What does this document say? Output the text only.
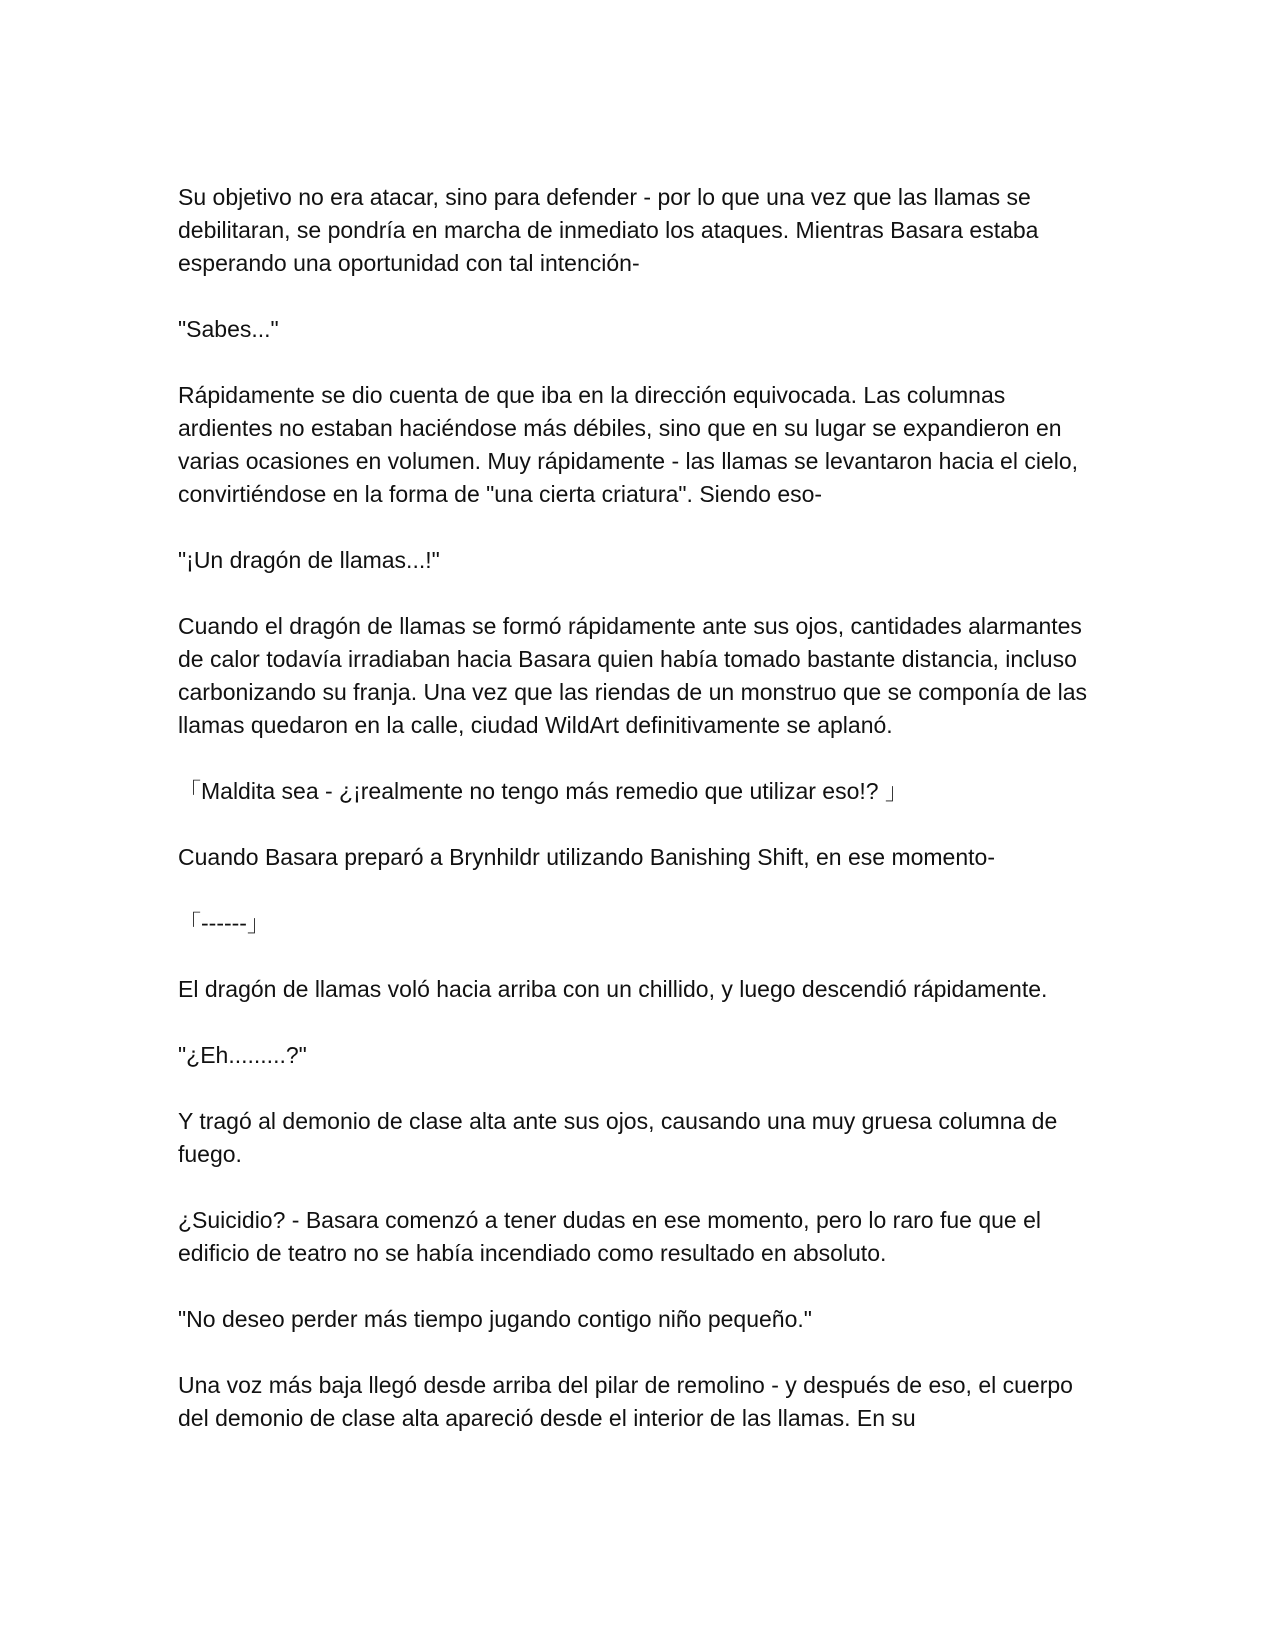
Su objetivo no era atacar, sino para defender - por lo que una vez que las llamas se debilitaran, se pondría en marcha de inmediato los ataques. Mientras Basara estaba esperando una oportunidad con tal intención-

"Sabes..."

Rápidamente se dio cuenta de que iba en la dirección equivocada. Las columnas ardientes no estaban haciéndose más débiles, sino que en su lugar se expandieron en varias ocasiones en volumen. Muy rápidamente - las llamas se levantaron hacia el cielo, convirtiéndose en la forma de "una cierta criatura". Siendo eso-

"¡Un dragón de llamas...!"

Cuando el dragón de llamas se formó rápidamente ante sus ojos, cantidades alarmantes de calor todavía irradiaban hacia Basara quien había tomado bastante distancia, incluso carbonizando su franja. Una vez que las riendas de un monstruo que se componía de las llamas quedaron en la calle, ciudad WildArt definitivamente se aplanó.

「Maldita sea - ¿¡realmente no tengo más remedio que utilizar eso!? 」

Cuando Basara preparó a Brynhildr utilizando Banishing Shift, en ese momento-

「------」

El dragón de llamas voló hacia arriba con un chillido, y luego descendió rápidamente.

"¿Eh.........?"

Y tragó al demonio de clase alta ante sus ojos, causando una muy gruesa columna de fuego.

¿Suicidio? - Basara comenzó a tener dudas en ese momento, pero lo raro fue que el edificio de teatro no se había incendiado como resultado en absoluto.

"No deseo perder más tiempo jugando contigo niño pequeño."

Una voz más baja llegó desde arriba del pilar de remolino - y después de eso, el cuerpo del demonio de clase alta apareció desde el interior de las llamas. En su
